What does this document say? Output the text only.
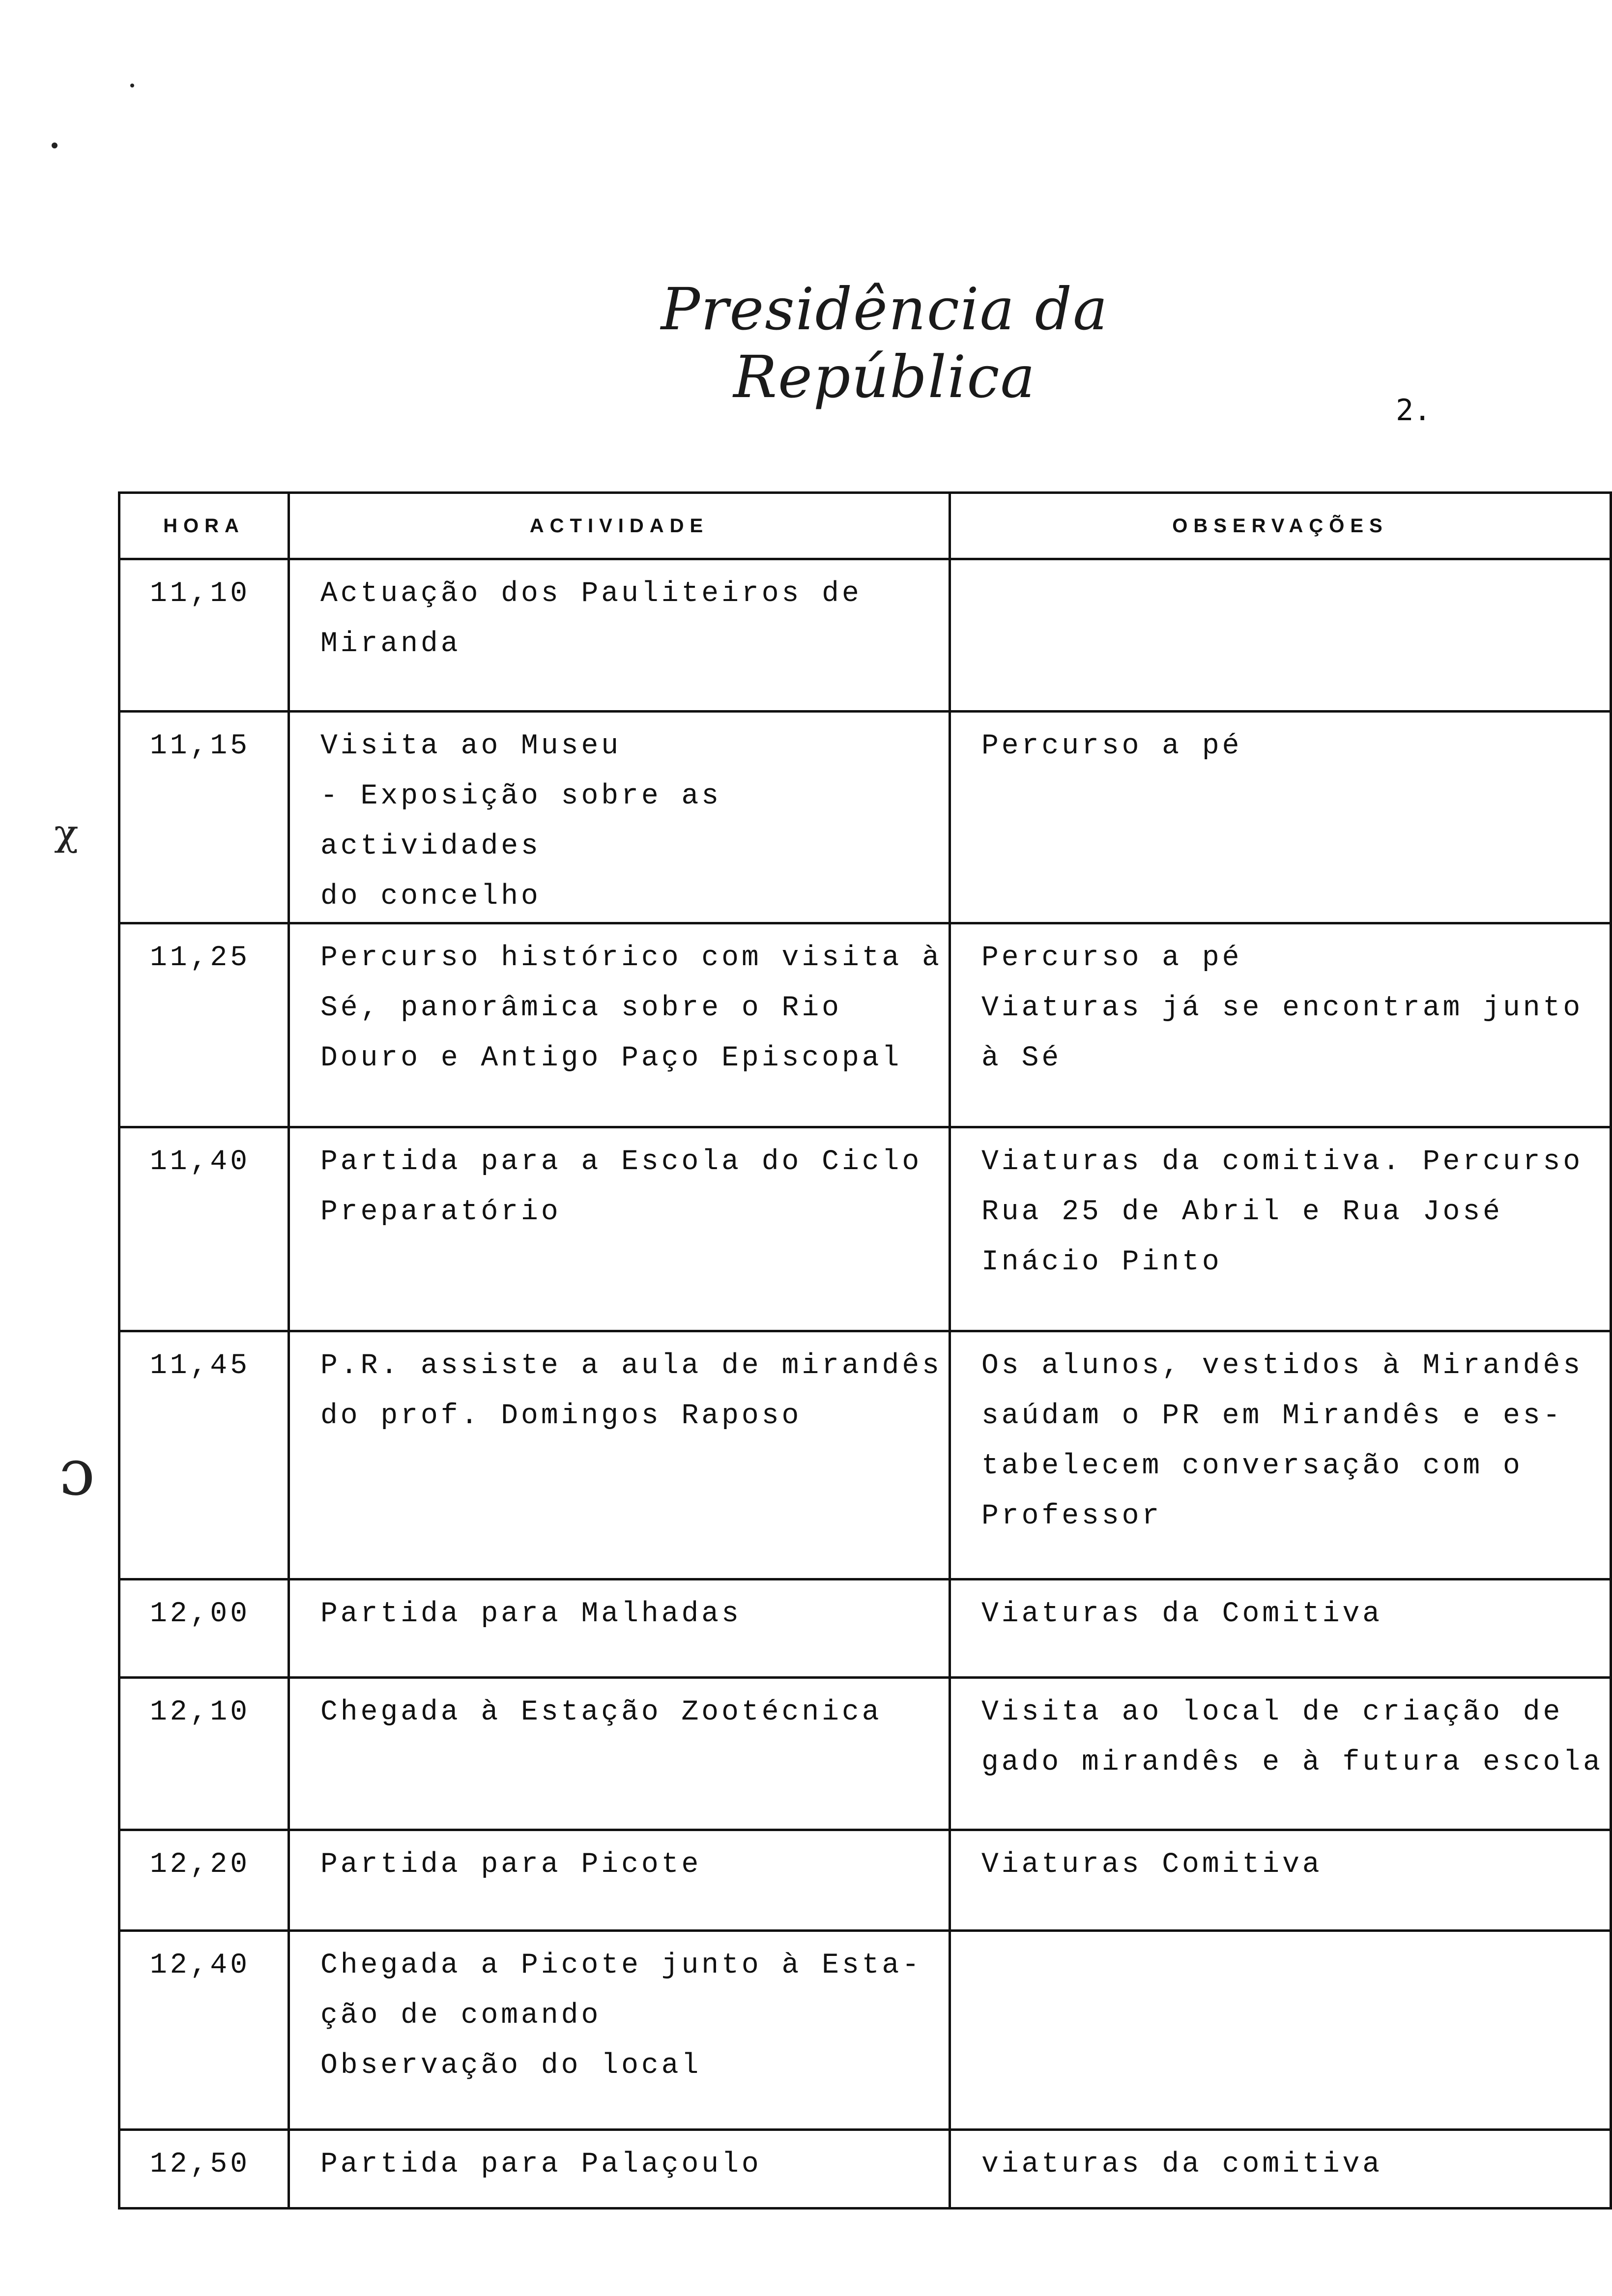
Presidência da República	2.
ᵪ
ɔ
HORA	ACTIVIDADE	OBSERVAÇÕES

11,10	Actuação dos Pauliteiros de
Miranda	

11,15	Visita ao Museu
- Exposição sobre as actividades
do concelho	Percurso a pé

11,25	Percurso histórico com visita à
Sé, panorâmica sobre o Rio
Douro e Antigo Paço Episcopal	Percurso a pé
Viaturas já se encontram junto
à Sé

11,40	Partida para a Escola do Ciclo
Preparatório	Viaturas da comitiva. Percurso
Rua 25 de Abril e Rua José
Inácio Pinto

11,45	P.R. assiste a aula de mirandês
do prof. Domingos Raposo	Os alunos, vestidos à Mirandês
saúdam o PR em Mirandês e es-
tabelecem conversação com o
Professor

12,00	Partida para Malhadas	Viaturas da Comitiva

12,10	Chegada à Estação Zootécnica	Visita ao local de criação de
gado mirandês e à futura escola

12,20	Partida para Picote	Viaturas Comitiva

12,40	Chegada a Picote junto à Esta-
ção de comando
Observação do local	

12,50	Partida para Palaçoulo	viaturas da comitiva
